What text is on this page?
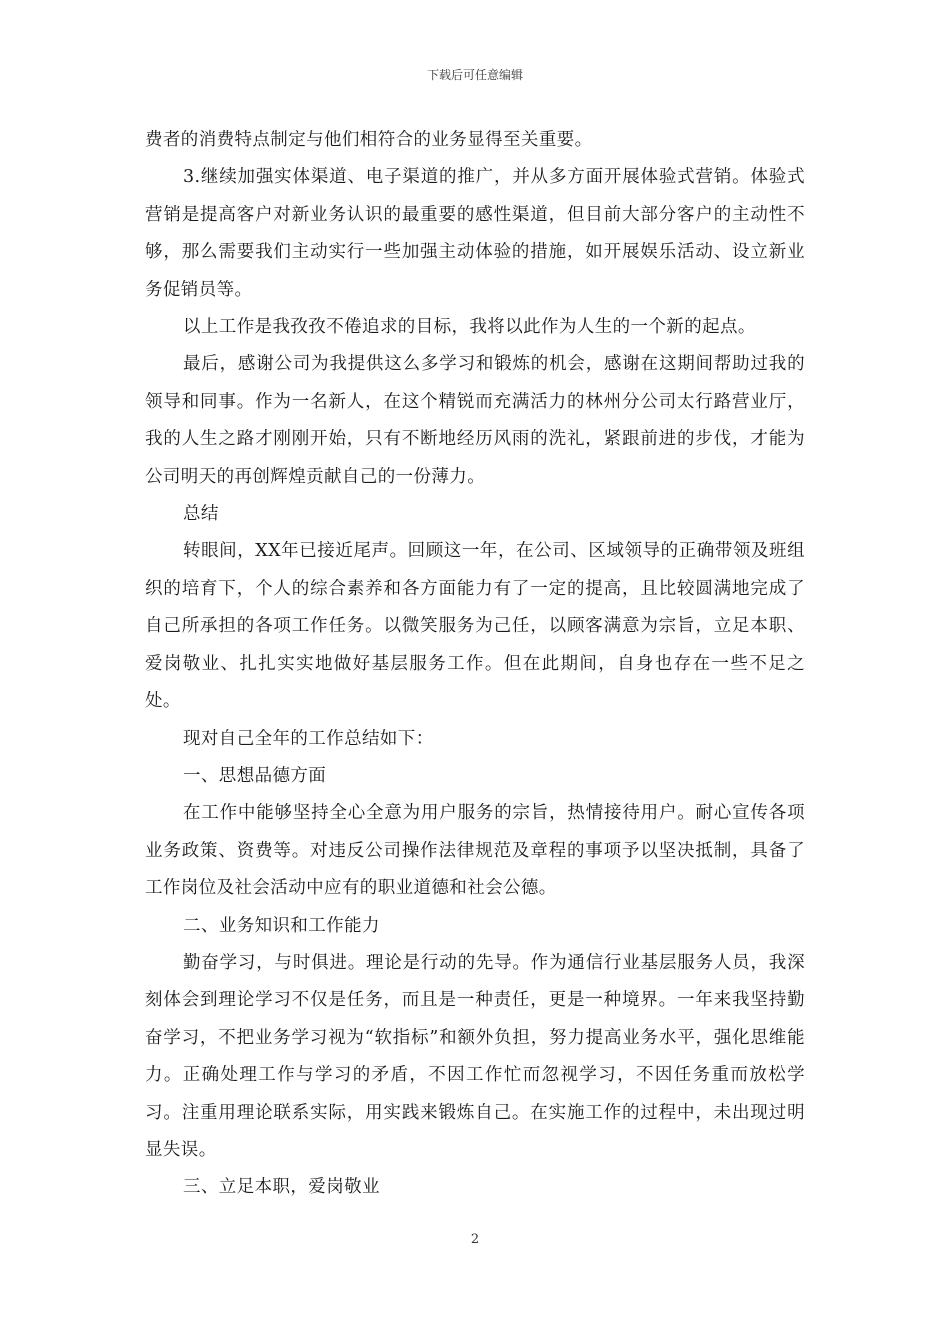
下载后可任意编辑

费者的消费特点制定与他们相符合的业务显得至关重要。

3.继续加强实体渠道、电子渠道的推广，并从多方面开展体验式营销。体验式营销是提高客户对新业务认识的最重要的感性渠道，但目前大部分客户的主动性不够，那么需要我们主动实行一些加强主动体验的措施，如开展娱乐活动、设立新业务促销员等。

以上工作是我孜孜不倦追求的目标，我将以此作为人生的一个新的起点。

最后，感谢公司为我提供这么多学习和锻炼的机会，感谢在这期间帮助过我的领导和同事。作为一名新人，在这个精锐而充满活力的林州分公司太行路营业厅，我的人生之路才刚刚开始，只有不断地经历风雨的洗礼，紧跟前进的步伐，才能为公司明天的再创辉煌贡献自己的一份薄力。

总结

转眼间，XX年已接近尾声。回顾这一年，在公司、区域领导的正确带领及班组织的培育下，个人的综合素养和各方面能力有了一定的提高，且比较圆满地完成了自己所承担的各项工作任务。以微笑服务为己任，以顾客满意为宗旨，立足本职、爱岗敬业、扎扎实实地做好基层服务工作。但在此期间，自身也存在一些不足之处。

现对自己全年的工作总结如下：

一、思想品德方面

在工作中能够坚持全心全意为用户服务的宗旨，热情接待用户。耐心宣传各项业务政策、资费等。对违反公司操作法律规范及章程的事项予以坚决抵制，具备了工作岗位及社会活动中应有的职业道德和社会公德。

二、业务知识和工作能力

勤奋学习，与时俱进。理论是行动的先导。作为通信行业基层服务人员，我深刻体会到理论学习不仅是任务，而且是一种责任，更是一种境界。一年来我坚持勤奋学习，不把业务学习视为“软指标”和额外负担，努力提高业务水平，强化思维能力。正确处理工作与学习的矛盾，不因工作忙而忽视学习，不因任务重而放松学习。注重用理论联系实际，用实践来锻炼自己。在实施工作的过程中，未出现过明显失误。

三、立足本职，爱岗敬业

2
